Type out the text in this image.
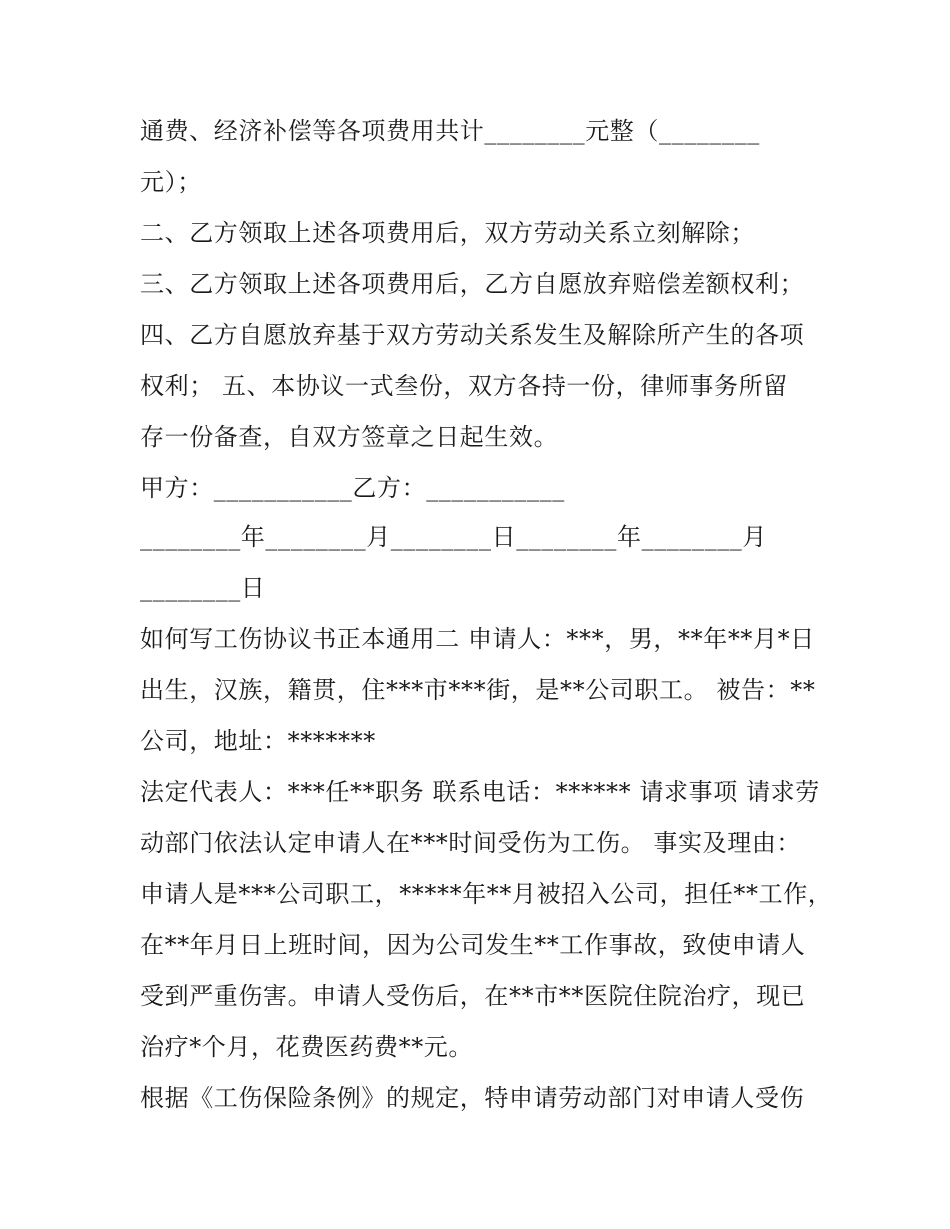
通费、经济补偿等各项费用共计________元整（________
元）；
二、乙方领取上述各项费用后，双方劳动关系立刻解除；
三、乙方领取上述各项费用后，乙方自愿放弃赔偿差额权利；
四、乙方自愿放弃基于双方劳动关系发生及解除所产生的各项
权利； 五、本协议一式叁份，双方各持一份，律师事务所留
存一份备查，自双方签章之日起生效。
甲方：___________乙方：___________
________年________月________日________年________月
________日
如何写工伤协议书正本通用二 申请人：***，男，**年**月*日
出生，汉族，籍贯，住***市***街，是**公司职工。 被告：**
公司，地址：*******
法定代表人：***任**职务 联系电话：****** 请求事项 请求劳
动部门依法认定申请人在***时间受伤为工伤。 事实及理由：
申请人是***公司职工，*****年**月被招入公司，担任**工作，
在**年月日上班时间，因为公司发生**工作事故，致使申请人
受到严重伤害。申请人受伤后，在**市**医院住院治疗，现已
治疗*个月，花费医药费**元。
根据《工伤保险条例》的规定，特申请劳动部门对申请人受伤
